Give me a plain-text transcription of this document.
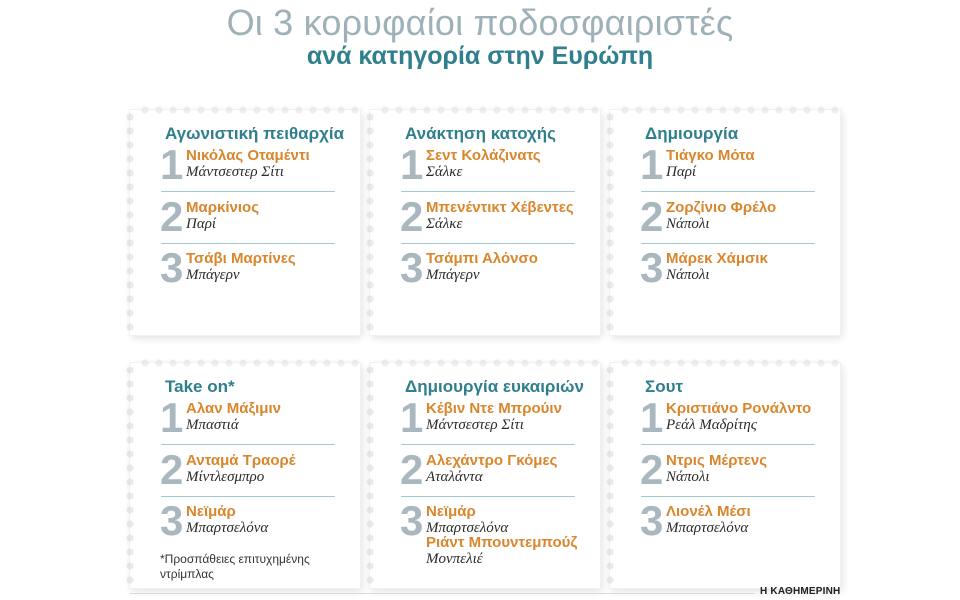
Οι 3 κορυφαίοι ποδοσφαιριστές
ανά κατηγορία στην Ευρώπη
Αγωνιστική πειθαρχία
1 Νικόλας Οταμέντι
Μάντσεστερ Σίτι
2 Μαρκίνιος
Παρί
3 Τσάβι Μαρτίνες
Μπάγερν
Ανάκτηση κατοχής
1 Σεντ Κολάζινατς
Σάλκε
2 Μπενέντικτ Χέβεντες
Σάλκε
3 Τσάμπι Αλόνσο
Μπάγερν
Δημιουργία
1 Τιάγκο Μότα
Παρί
2 Ζορζίνιο Φρέλο
Νάπολι
3 Μάρεκ Χάμσικ
Νάπολι
Take on*
1 Αλαν Μάξιμιν
Μπαστιά
2 Ανταμά Τραορέ
Μίντλεσμπρο
3 Νεϊμάρ
Μπαρτσελόνα
Δημιουργία ευκαιριών
1 Κέβιν Ντε Μπρούιν
Μάντσεστερ Σίτι
2 Αλεχάντρο Γκόμες
Αταλάντα
3 Νεϊμάρ
Μπαρτσελόνα
Ριάντ Μπουντεμπούζ
Μονπελιέ
Σουτ
1 Κριστιάνο Ρονάλντο
Ρεάλ Μαδρίτης
2 Ντρις Μέρτενς
Νάπολι
3 Λιονέλ Μέσι
Μπαρτσελόνα
*Προσπάθειες επιτυχημένης ντρίμπλας
Η ΚΑΘΗΜΕΡΙΝΗ
